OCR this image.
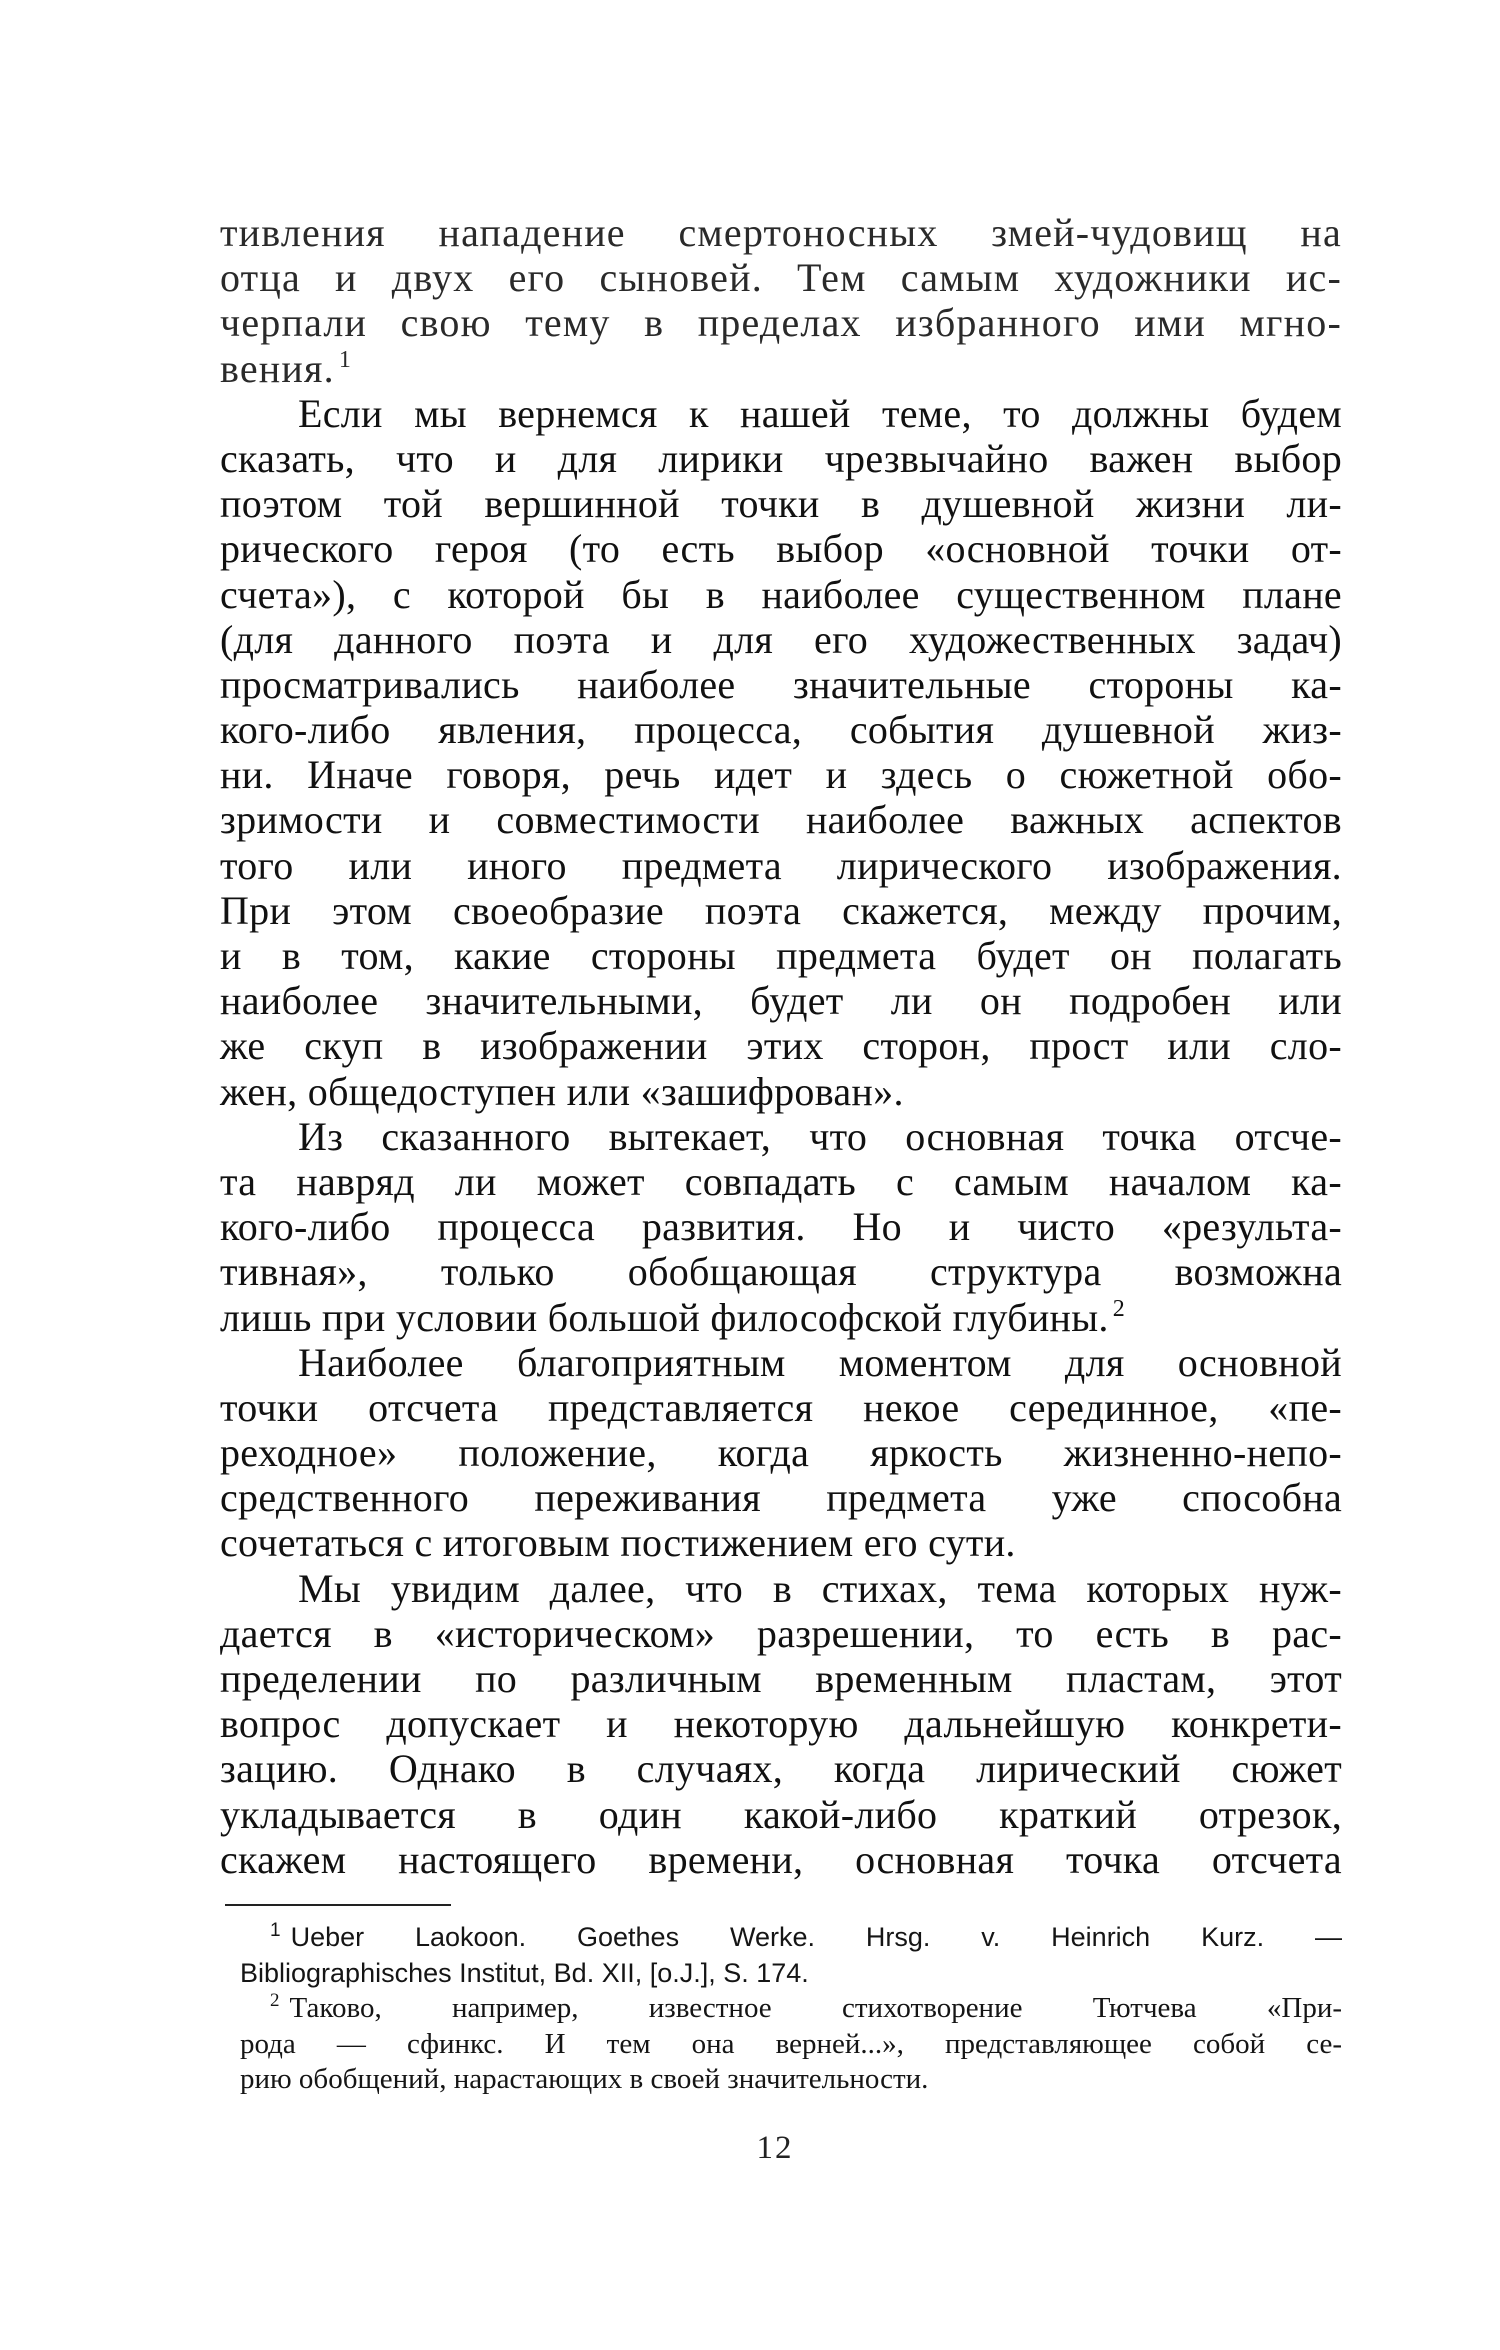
тивления нападение смертоносных змей-чудовищ на
отца и двух его сыновей. Тем самым художники ис-
черпали свою тему в пределах избранного ими мгно-
вения. $^1$
Если мы вернемся к нашей теме, то должны будем
сказать, что и для лирики чрезвычайно важен выбор
поэтом той вершинной точки в душевной жизни ли-
рического героя (то есть выбор «основной точки от-
счета»), с которой бы в наиболее существенном плане
(для данного поэта и для его художественных задач)
просматривались наиболее значительные стороны ка-
кого-либо явления, процесса, события душевной жиз-
ни. Иначе говоря, речь идет и здесь о сюжетной обо-
зримости и совместимости наиболее важных аспектов
того или иного предмета лирического изображения.
При этом своеобразие поэта скажется, между прочим,
и в том, какие стороны предмета будет он полагать
наиболее значительными, будет ли он подробен или
же скуп в изображении этих сторон, прост или сло-
жен, общедоступен или «зашифрован».
Из сказанного вытекает, что основная точка отсче-
та навряд ли может совпадать с самым началом ка-
кого-либо процесса развития. Но и чисто «результа-
тивная», только обобщающая структура возможна
лишь при условии большой философской глубины. $^2$
Наиболее благоприятным моментом для основной
точки отсчета представляется некое серединное, «пе-
реходное» положение, когда яркость жизненно-непо-
средственного переживания предмета уже способна
сочетаться с итоговым постижением его сути.
Мы увидим далее, что в стихах, тема которых нуж-
дается в «историческом» разрешении, то есть в рас-
пределении по различным временным пластам, этот
вопрос допускает и некоторую дальнейшую конкрети-
зацию. Однако в случаях, когда лирический сюжет
укладывается в один какой-либо краткий отрезок,
скажем настоящего времени, основная точка отсчета
$^1$ Ueber Laokoon. Goethes Werke. Hrsg. v. Heinrich Kurz. —
Bibliographisches Institut, Bd. XII, [o.J.], S. 174.
$^2$ Таково, например, известное стихотворение Тютчева «При-
рода — сфинкс. И тем она верней...», представляющее собой се-
рию обобщений, нарастающих в своей значительности.
12
